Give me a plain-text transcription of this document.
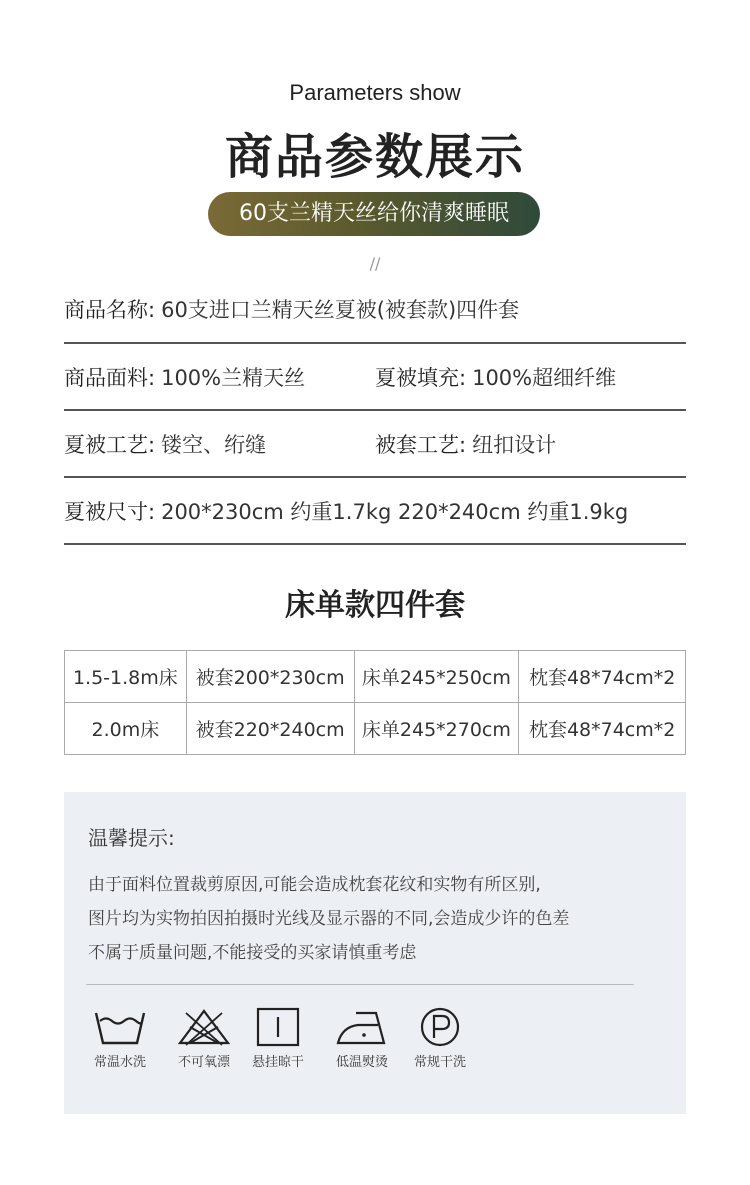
Parameters show
商品参数展示
60支兰精天丝给你清爽睡眠
//
商品名称: 60支进口兰精天丝夏被(被套款)四件套
商品面料: 100%兰精天丝	夏被填充: 100%超细纤维
夏被工艺: 镂空、绗缝	被套工艺: 纽扣设计
夏被尺寸: 200*230cm 约重1.7kg 220*240cm 约重1.9kg
床单款四件套
1.5-1.8m床	被套200*230cm	床单245*250cm	枕套48*74cm*2
2.0m床	被套220*240cm	床单245*270cm	枕套48*74cm*2
温馨提示:
由于面料位置裁剪原因,可能会造成枕套花纹和实物有所区别,
图片均为实物拍因拍摄时光线及显示器的不同,会造成少许的色差
不属于质量问题,不能接受的买家请慎重考虑
常温水洗	不可氧漂	悬挂晾干	低温熨烫	常规干洗
